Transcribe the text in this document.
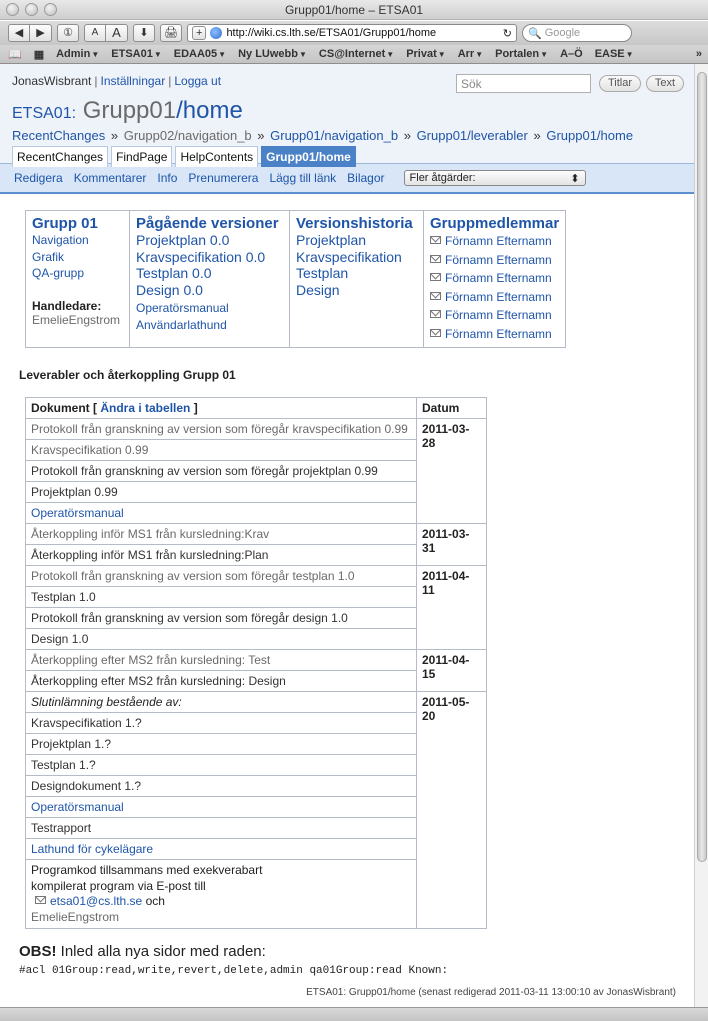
Grupp01/home – ETSA01
◀	▶	①	A	A	⬇	🖨	+	http://wiki.cs.lth.se/ETSA01/Grupp01/home	↻ 🔍 Google
📖 ▦ Admin▼ ETSA01▼ EDAA05▼ Ny LUwebb▼ CS@Internet▼ Privat▼ Arr▼ Portalen▼ A–Ö EASE▼	»
JonasWisbrant | Inställningar | Logga ut	Sök	Titlar	Text
ETSA01: Grupp01/home
RecentChanges » Grupp02/navigation_b » Grupp01/navigation_b » Grupp01/leverabler » Grupp01/home
RecentChanges	FindPage	HelpContents	Grupp01/home
Redigera Kommentarer Info Prenumerera Lägg till länk Bilagor Fler åtgärder:	⬍
Grupp 01
Navigation
Grafik
QA-grupp
Handledare:
EmelieEngstrom

Pågående versioner
Projektplan 0.0
Kravspecifikation 0.0
Testplan 0.0
Design 0.0
Operatörsmanual
Användarlathund

Versionshistoria
Projektplan
Kravspecifikation
Testplan
Design

Gruppmedlemmar
Förnamn Efternamn
Förnamn Efternamn
Förnamn Efternamn
Förnamn Efternamn
Förnamn Efternamn
Förnamn Efternamn
Leverabler och återkoppling Grupp 01
Dokument [ Ändra i tabellen ]	Datum
Protokoll från granskning av version som föregår kravspecifikation 0.99	2011-03-28
Kravspecifikation 0.99	
Protokoll från granskning av version som föregår projektplan 0.99	
Projektplan 0.99	
Operatörsmanual	
Återkoppling inför MS1 från kursledning:Krav	2011-03-31
Återkoppling inför MS1 från kursledning:Plan	
Protokoll från granskning av version som föregår testplan 1.0	2011-04-11
Testplan 1.0	
Protokoll från granskning av version som föregår design 1.0	
Design 1.0	
Återkoppling efter MS2 från kursledning: Test	2011-04-15
Återkoppling efter MS2 från kursledning: Design	
Slutinlämning bestående av:	2011-05-20
Kravspecifikation 1.?	
Projektplan 1.?	
Testplan 1.?	
Designdokument 1.?	
Operatörsmanual	
Testrapport	
Lathund för cykelägare	

Programkod tillsammans med exekverabart
kompilerat program via E-post till
etsa01@cs.lth.se och
EmelieEngstrom	
OBS! Inled alla nya sidor med raden:
#acl 01Group:read,write,revert,delete,admin qa01Group:read Known:
ETSA01: Grupp01/home (senast redigerad 2011-03-11 13:00:10 av JonasWisbrant)
